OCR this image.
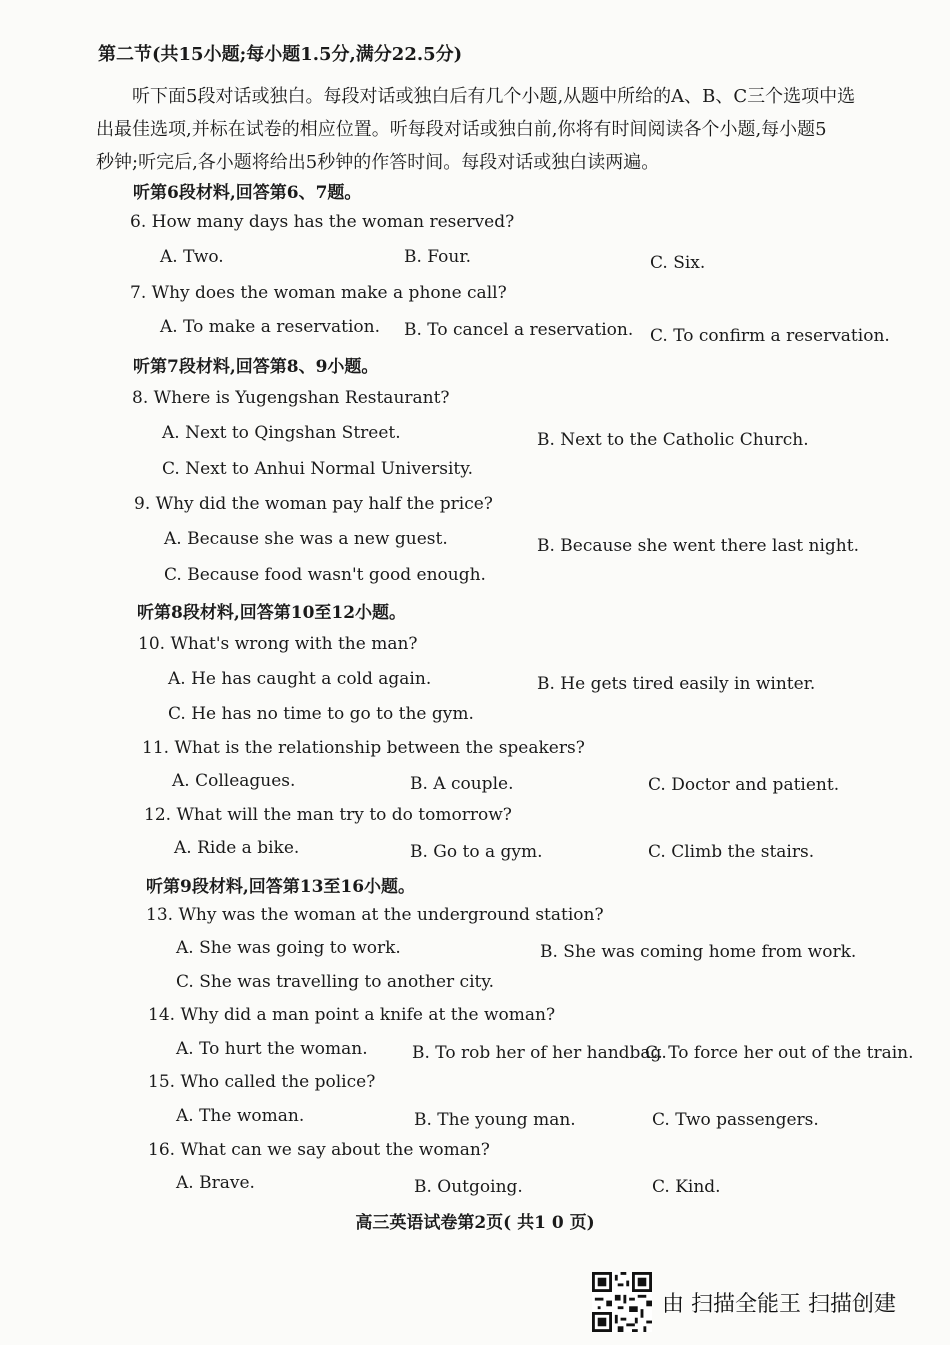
第二节(共15小题;每小题1.5分,满分22.5分)

听下面5段对话或独白。每段对话或独白后有几个小题,从题中所给的A、B、C三个选项中选

出最佳选项,并标在试卷的相应位置。听每段对话或独白前,你将有时间阅读各个小题,每小题5

秒钟;听完后,各小题将给出5秒钟的作答时间。每段对话或独白读两遍。

听第6段材料,回答第6、7题。
6. How many days has the woman reserved?
A. Two.	B. Four.	C. Six.
7. Why does the woman make a phone call?
A. To make a reservation. B. To cancel a reservation. C. To confirm a reservation.
听第7段材料,回答第8、9小题。
8. Where is Yugengshan Restaurant?
A. Next to Qingshan Street.	B. Next to the Catholic Church.
C. Next to Anhui Normal University.
9. Why did the woman pay half the price?
A. Because she was a new guest.	B. Because she went there last night.
C. Because food wasn't good enough.
听第8段材料,回答第10至12小题。
10. What's wrong with the man?
A. He has caught a cold again.	B. He gets tired easily in winter.
C. He has no time to go to the gym.
11. What is the relationship between the speakers?
A. Colleagues.	B. A couple.	C. Doctor and patient.
12. What will the man try to do tomorrow?
A. Ride a bike.	B. Go to a gym.	C. Climb the stairs.
听第9段材料,回答第13至16小题。
13. Why was the woman at the underground station?
A. She was going to work.	B. She was coming home from work.
C. She was travelling to another city.
14. Why did a man point a knife at the woman?
A. To hurt the woman.	B. To rob her of her handbag.
C. To force her out of the train.
15. Who called the police?
A. The woman.	B. The young man.	C. Two passengers.
16. What can we say about the woman?
A. Brave.	B. Outgoing.	C. Kind.
高三英语试卷第2页( 共1 0 页)
由 扫描全能王 扫描创建
